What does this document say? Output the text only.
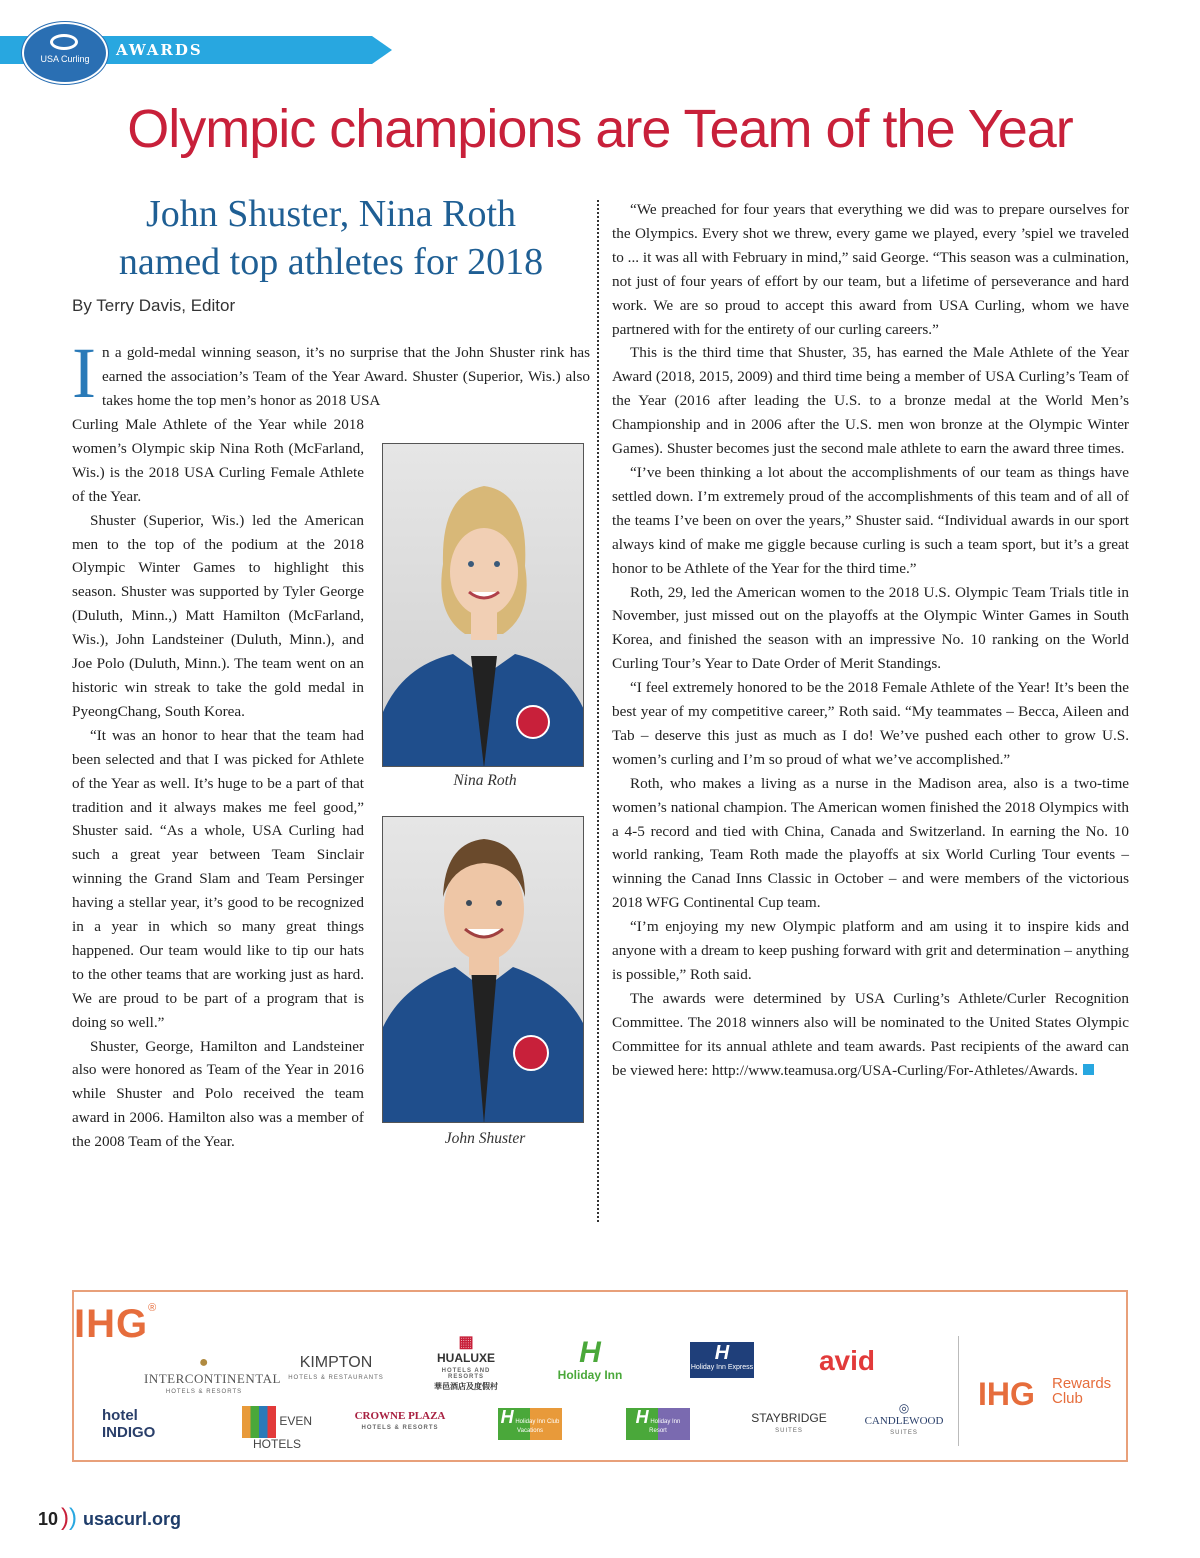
AWARDS
USA Curling
Olympic champions are Team of the Year
John Shuster, Nina Roth
named top athletes for 2018
By Terry Davis, Editor

In a gold-medal winning season, it’s no surprise that the John Shuster rink has earned the association’s Team of the Year Award. Shuster (Superior, Wis.) also takes home the top men’s honor as 2018 USA

Curling Male Athlete of the Year while 2018 women’s Olympic skip Nina Roth (McFarland, Wis.) is the 2018 USA Curling Female Athlete of the Year.

Shuster (Superior, Wis.) led the American men to the top of the podium at the 2018 Olympic Winter Games to highlight this season. Shuster was supported by Tyler George (Duluth, Minn.,) Matt Hamilton (McFarland, Wis.), John Landsteiner (Duluth, Minn.), and Joe Polo (Duluth, Minn.). The team went on an historic win streak to take the gold medal in PyeongChang, South Korea.

“It was an honor to hear that the team had been selected and that I was picked for Athlete of the Year as well. It’s huge to be a part of that tradition and it always makes me feel good,” Shuster said. “As a whole, USA Curling had such a great year between Team Sinclair winning the Grand Slam and Team Persinger having a stellar year, it’s good to be recognized in a year in which so many great things happened. Our team would like to tip our hats to the other teams that are working just as hard. We are proud to be part of a program that is doing so well.”

Shuster, George, Hamilton and Landsteiner also were honored as Team of the Year in 2016 while Shuster and Polo received the team award in 2006. Hamilton also was a member of the 2008 Team of the Year.

Nina Roth
John Shuster

“We preached for four years that everything we did was to prepare ourselves for the Olympics. Every shot we threw, every game we played, every ’spiel we traveled to ... it was all with February in mind,” said George. “This season was a culmination, not just of four years of effort by our team, but a lifetime of perseverance and hard work. We are so proud to accept this award from USA Curling, whom we have partnered with for the entirety of our curling careers.”

This is the third time that Shuster, 35, has earned the Male Athlete of the Year Award (2018, 2015, 2009) and third time being a member of USA Curling’s Team of the Year (2016 after leading the U.S. to a bronze medal at the World Men’s Championship and in 2006 after the U.S. men won bronze at the Olympic Winter Games). Shuster becomes just the second male athlete to earn the award three times.

“I’ve been thinking a lot about the accomplishments of our team as things have settled down. I’m extremely proud of the accomplishments of this team and of all of the teams I’ve been on over the years,” Shuster said. “Individual awards in our sport always kind of make me giggle because curling is such a team sport, but it’s a great honor to be Athlete of the Year for the third time.”

Roth, 29, led the American women to the 2018 U.S. Olympic Team Trials title in November, just missed out on the playoffs at the Olympic Winter Games in South Korea, and finished the season with an impressive No. 10 ranking on the World Curling Tour’s Year to Date Order of Merit Standings.

“I feel extremely honored to be the 2018 Female Athlete of the Year! It’s been the best year of my competitive career,” Roth said. “My teammates – Becca, Aileen and Tab – deserve this just as much as I do! We’ve pushed each other to grow U.S. women’s curling and I’m so proud of what we’ve accomplished.”

Roth, who makes a living as a nurse in the Madison area, also is a two-time women’s national champion. The American women finished the 2018 Olympics with a 4-5 record and tied with China, Canada and Switzerland. In earning the No. 10 world ranking, Team Roth made the playoffs at six World Curling Tour events – winning the Canad Inns Classic in October – and were members of the victorious 2018 WFG Continental Cup team.

“I’m enjoying my new Olympic platform and am using it to inspire kids and anyone with a dream to keep pushing forward with grit and determination – anything is possible,” Roth said.

The awards were determined by USA Curling’s Athlete/Curler Recognition Committee. The 2018 winners also will be nominated to the United States Olympic Committee for its annual athlete and team awards. Past recipients of the award can be viewed here: http://www.teamusa.org/USA-Curling/For-Athletes/Awards.

IHG®
●
INTERCONTINENTAL
HOTELS & RESORTS
KIMPTON
HOTELS & RESTAURANTS
▦
HUALUXE
HOTELS AND RESORTS
華邑酒店及度假村
H
Holiday Inn
H
Holiday Inn Express avid
hotel INDIGO
EVEN HOTELS
CROWNE PLAZA
HOTELS & RESORTS
H Holiday Inn Club Vacations
H Holiday Inn Resort
STAYBRIDGE
SUITES
◎
CANDLEWOOD
SUITES
IHG Rewards Club
10 )) usacurl.org
